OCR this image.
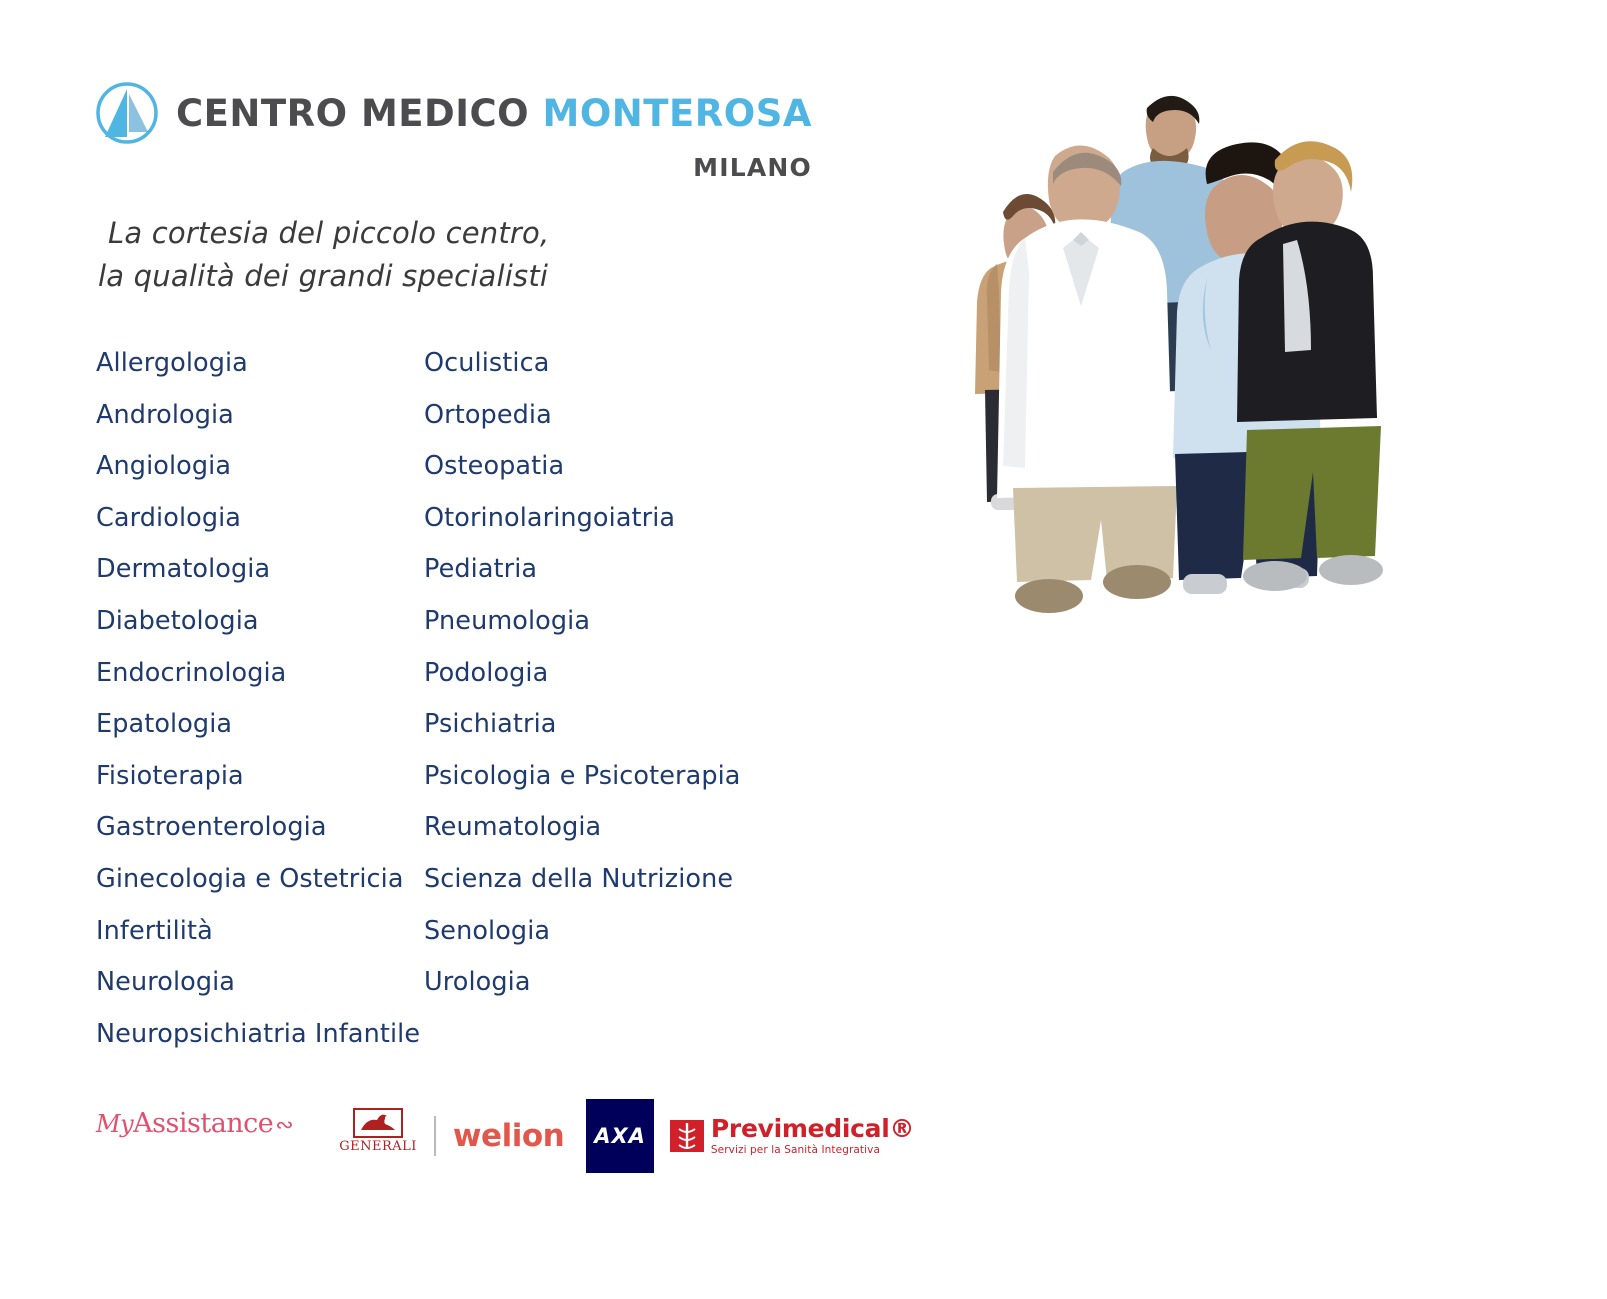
CENTRO MEDICO MONTEROSA
MILANO
La cortesia del piccolo centro,
la qualità dei grandi specialisti
Allergologia
Andrologia
Angiologia
Cardiologia
Dermatologia
Diabetologia
Endocrinologia
Epatologia
Fisioterapia
Gastroenterologia
Ginecologia e Ostetricia
Infertilità
Neurologia
Neuropsichiatria Infantile
Oculistica
Ortopedia
Osteopatia
Otorinolaringoiatria
Pediatria
Pneumologia
Podologia
Psichiatria
Psicologia e Psicoterapia
Reumatologia
Scienza della Nutrizione
Senologia
Urologia
My Assistance ∾
GENERALI welion	AXA	Previmedical®
Servizi per la Sanità Integrativa
